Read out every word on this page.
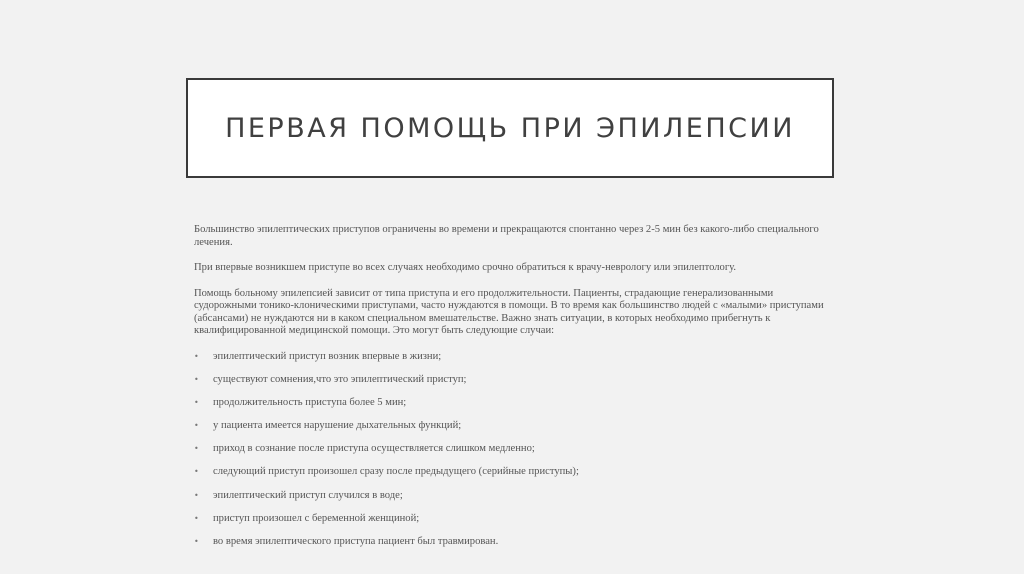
ПЕРВАЯ ПОМОЩЬ ПРИ ЭПИЛЕПСИИ

Большинство эпилептических приступов ограничены во времени и прекращаются спонтанно через 2-5 мин без какого-либо специального лечения.

При впервые возникшем приступе во всех случаях необходимо срочно обратиться к врачу-неврологу или эпилептологу.

Помощь больному эпилепсией зависит от типа приступа и его продолжительности. Пациенты, страдающие генерализованными судорожными тонико-клоническими приступами, часто нуждаются в помощи. В то время как большинство людей с «малыми» приступами (абсансами) не нуждаются ни в каком специальном вмешательстве. Важно знать ситуации, в которых необходимо прибегнуть к квалифицированной медицинской помощи. Это могут быть следующие случаи:

• эпилептический приступ возник впервые в жизни;
• существуют сомнения,что это эпилептический приступ;
• продолжительность приступа более 5 мин;
• у пациента имеется нарушение дыхательных функций;
• приход в сознание после приступа осуществляется слишком медленно;
• следующий приступ произошел сразу после предыдущего (серийные приступы);
• эпилептический приступ случился в воде;
• приступ произошел с беременной женщиной;
• во время эпилептического приступа пациент был травмирован.
